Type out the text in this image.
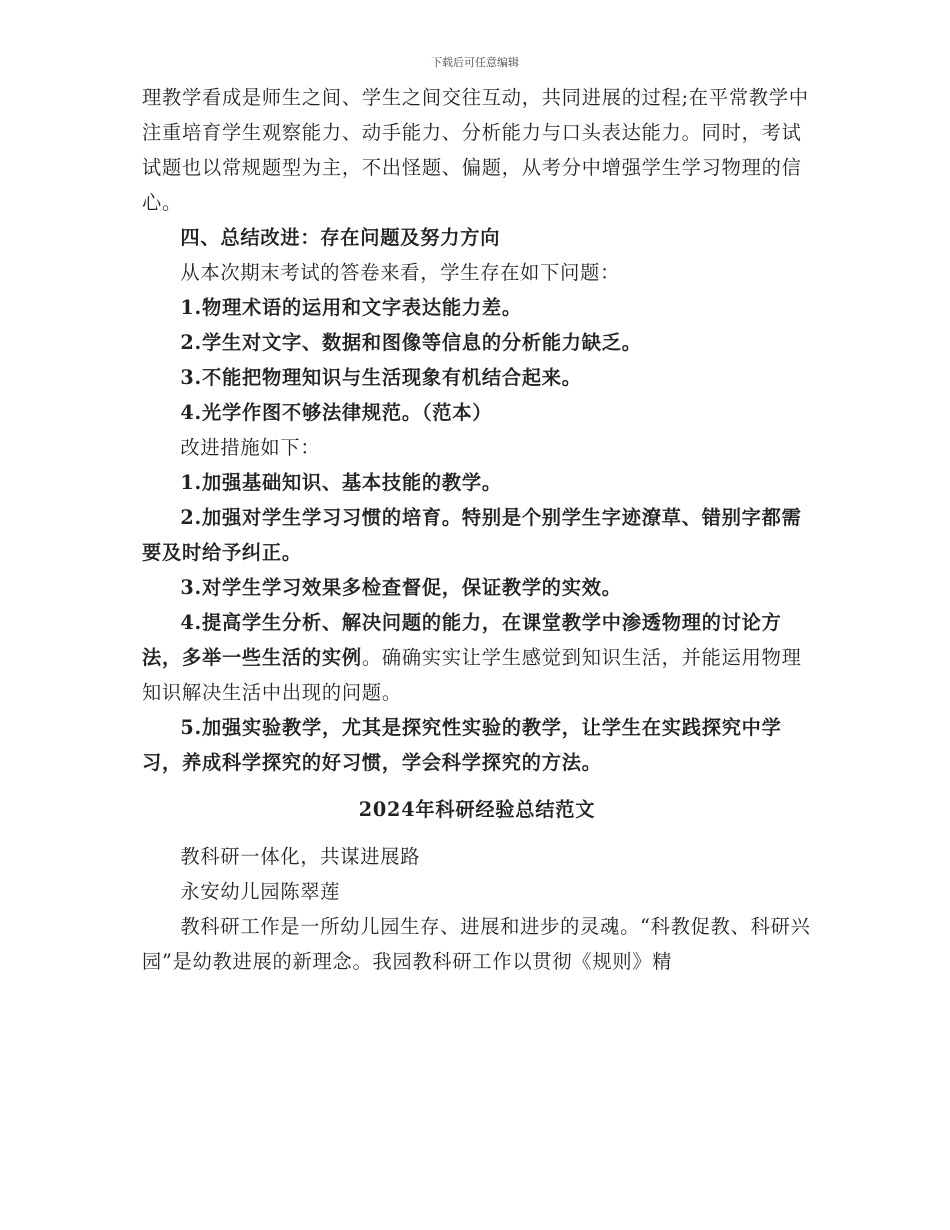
下载后可任意编辑

理教学看成是师生之间、学生之间交往互动，共同进展的过程;在平常教学中注重培育学生观察能力、动手能力、分析能力与口头表达能力。同时，考试试题也以常规题型为主，不出怪题、偏题，从考分中增强学生学习物理的信心。

四、总结改进：存在问题及努力方向

从本次期末考试的答卷来看，学生存在如下问题：

1.物理术语的运用和文字表达能力差。

2.学生对文字、数据和图像等信息的分析能力缺乏。

3.不能把物理知识与生活现象有机结合起来。

4.光学作图不够法律规范。（范本）

改进措施如下：

1.加强基础知识、基本技能的教学。

2.加强对学生学习习惯的培育。特别是个别学生字迹潦草、错别字都需要及时给予纠正。

3.对学生学习效果多检查督促，保证教学的实效。

4.提高学生分析、解决问题的能力，在课堂教学中渗透物理的讨论方法，多举一些生活的实例。确确实实让学生感觉到知识生活，并能运用物理知识解决生活中出现的问题。

5.加强实验教学，尤其是探究性实验的教学，让学生在实践探究中学习，养成科学探究的好习惯，学会科学探究的方法。

2024年科研经验总结范文

教科研一体化，共谋进展路

永安幼儿园陈翠莲

教科研工作是一所幼儿园生存、进展和进步的灵魂。“科教促教、科研兴园”是幼教进展的新理念。我园教科研工作以贯彻《规则》精
